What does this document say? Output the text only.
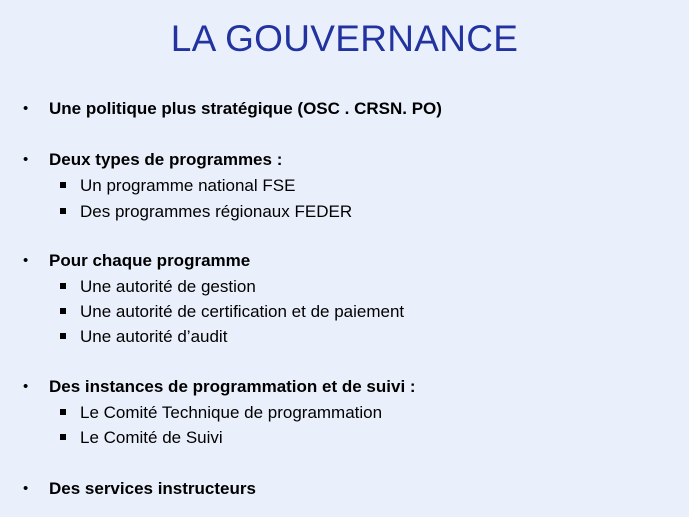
LA GOUVERNANCE
• Une politique plus stratégique (OSC . CRSN. PO)
• Deux types de programmes :
Un programme national FSE
Des programmes régionaux FEDER
• Pour chaque programme
Une autorité de gestion
Une autorité de certification et de paiement
Une autorité d’audit
• Des instances de programmation et de suivi :
Le Comité Technique de programmation
Le Comité de Suivi
• Des services instructeurs
